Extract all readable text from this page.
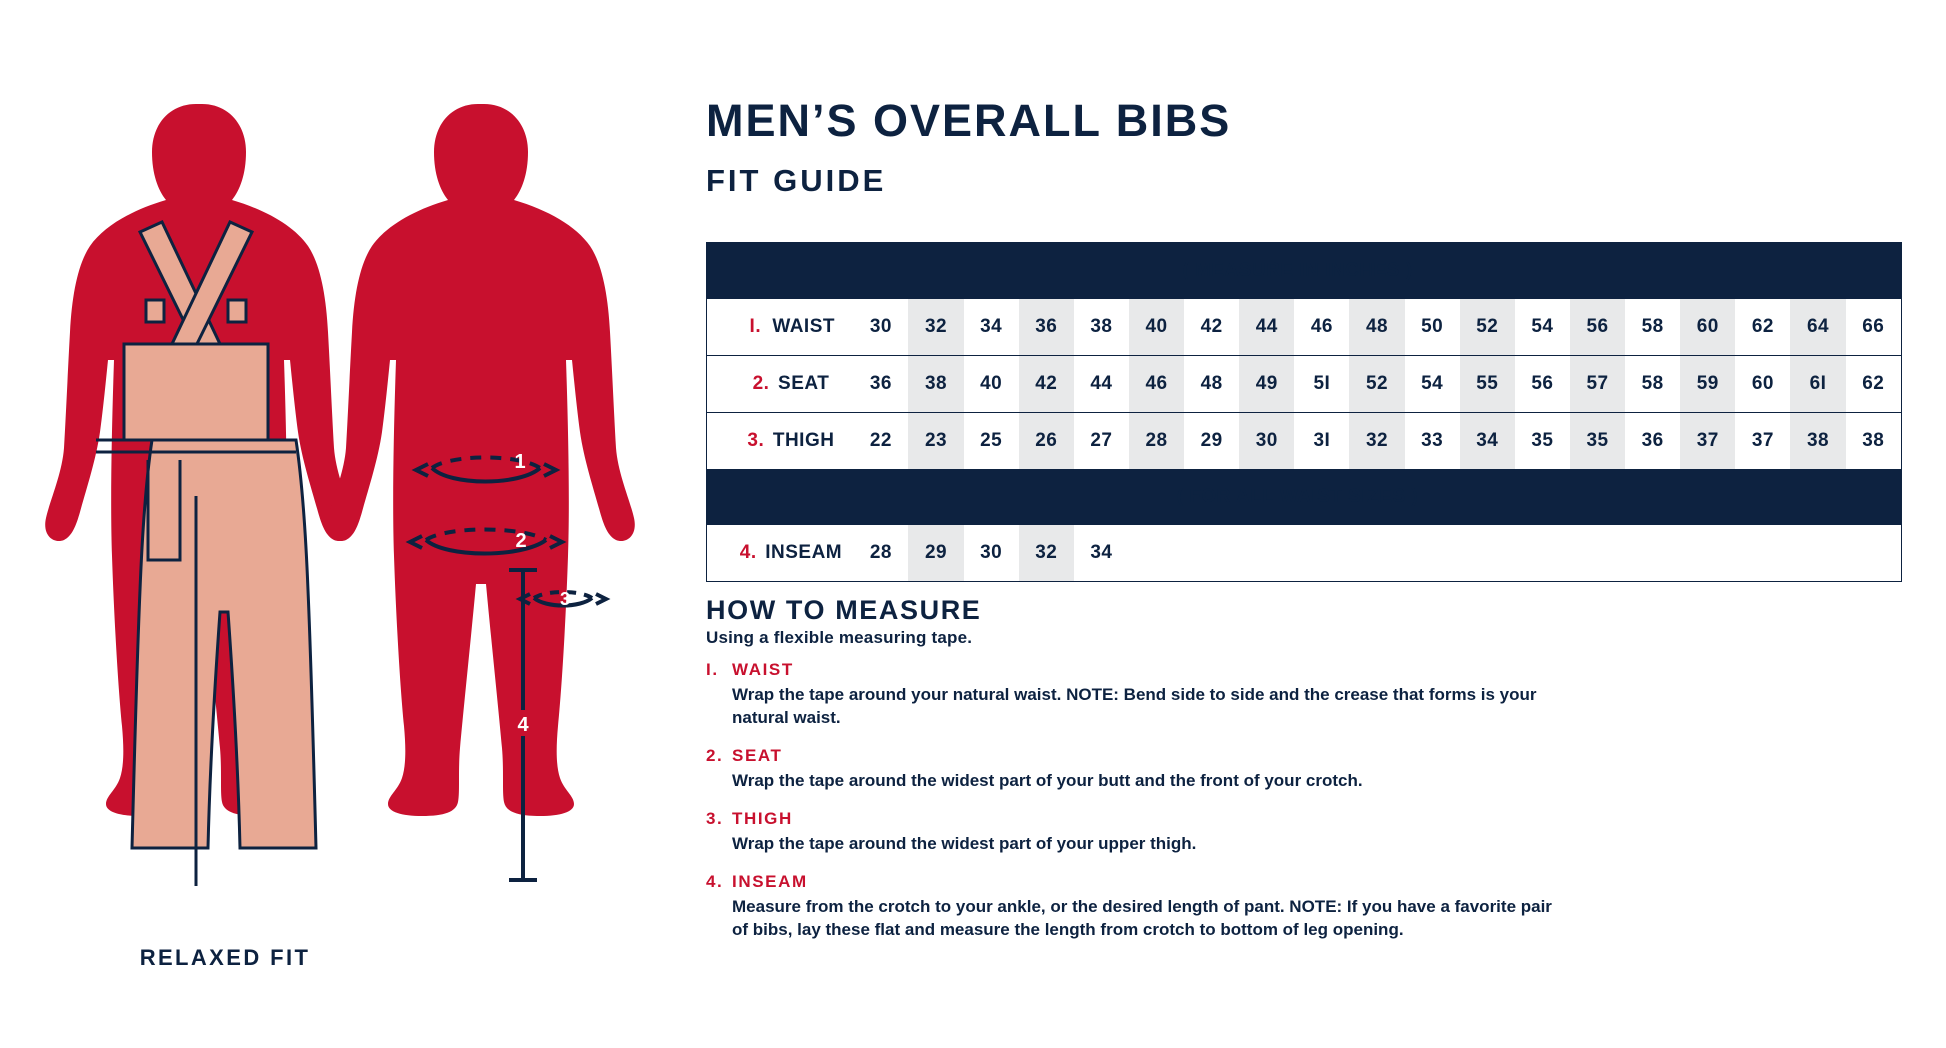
1
2
3
4
RELAXED FIT
MEN’S OVERALL BIBS
FIT GUIDE
( MEASURE IN INCHES )																			
I. WAIST	30	32	34	36	38	40	42	44	46	48	50	52	54	56	58	60	62	64	66
2. SEAT	36	38	40	42	44	46	48	49	5I	52	54	55	56	57	58	59	60	6I	62
3. THIGH	22	23	25	26	27	28	29	30	3I	32	33	34	35	35	36	37	37	38	38
( FOR ALL WAIST SIZES )																			
4. INSEAM	28	29	30	32	34														
HOW TO MEASURE
Using a flexible measuring tape.
I. WAIST
Wrap the tape around your natural waist. NOTE: Bend side to side and the crease that forms is your natural waist.
2. SEAT
Wrap the tape around the widest part of your butt and the front of your crotch.
3. THIGH
Wrap the tape around the widest part of your upper thigh.
4. INSEAM
Measure from the crotch to your ankle, or the desired length of pant. NOTE: If you have a favorite pair of bibs, lay these flat and measure the length from crotch to bottom of leg opening.
